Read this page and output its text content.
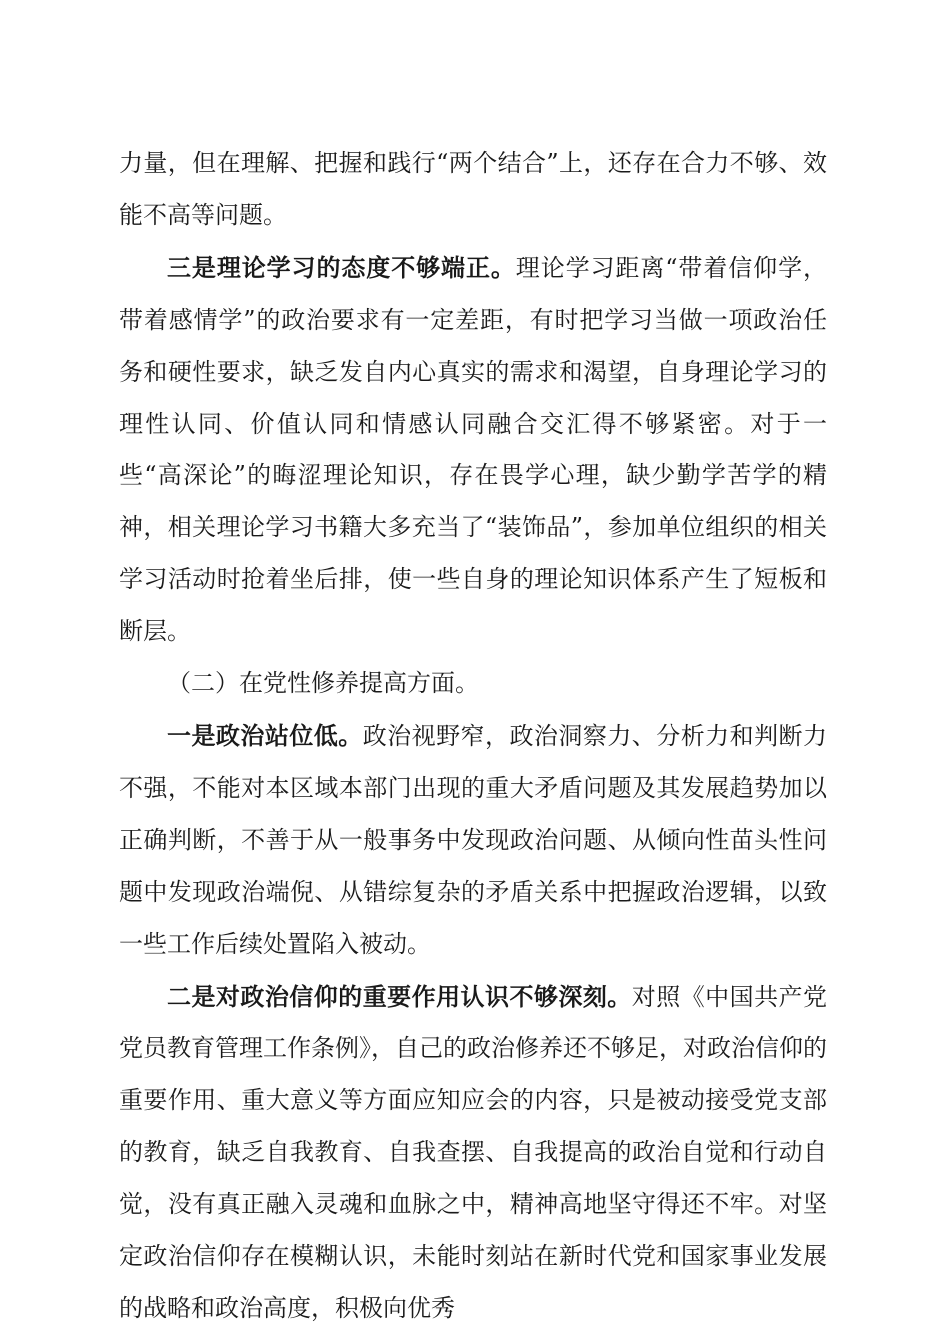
力量，但在理解、把握和践行“两个结合”上，还存在合力不够、效能不高等问题。

三是理论学习的态度不够端正。理论学习距离“带着信仰学，带着感情学”的政治要求有一定差距，有时把学习当做一项政治任务和硬性要求，缺乏发自内心真实的需求和渴望，自身理论学习的理性认同、价值认同和情感认同融合交汇得不够紧密。对于一些“高深论”的晦涩理论知识，存在畏学心理，缺少勤学苦学的精神，相关理论学习书籍大多充当了“装饰品”，参加单位组织的相关学习活动时抢着坐后排，使一些自身的理论知识体系产生了短板和断层。

（二）在党性修养提高方面。

一是政治站位低。政治视野窄，政治洞察力、分析力和判断力不强，不能对本区域本部门出现的重大矛盾问题及其发展趋势加以正确判断，不善于从一般事务中发现政治问题、从倾向性苗头性问题中发现政治端倪、从错综复杂的矛盾关系中把握政治逻辑，以致一些工作后续处置陷入被动。

二是对政治信仰的重要作用认识不够深刻。对照《中国共产党党员教育管理工作条例》，自己的政治修养还不够足，对政治信仰的重要作用、重大意义等方面应知应会的内容，只是被动接受党支部的教育，缺乏自我教育、自我查摆、自我提高的政治自觉和行动自觉，没有真正融入灵魂和血脉之中，精神高地坚守得还不牢。对坚定政治信仰存在模糊认识，未能时刻站在新时代党和国家事业发展的战略和政治高度，积极向优秀
